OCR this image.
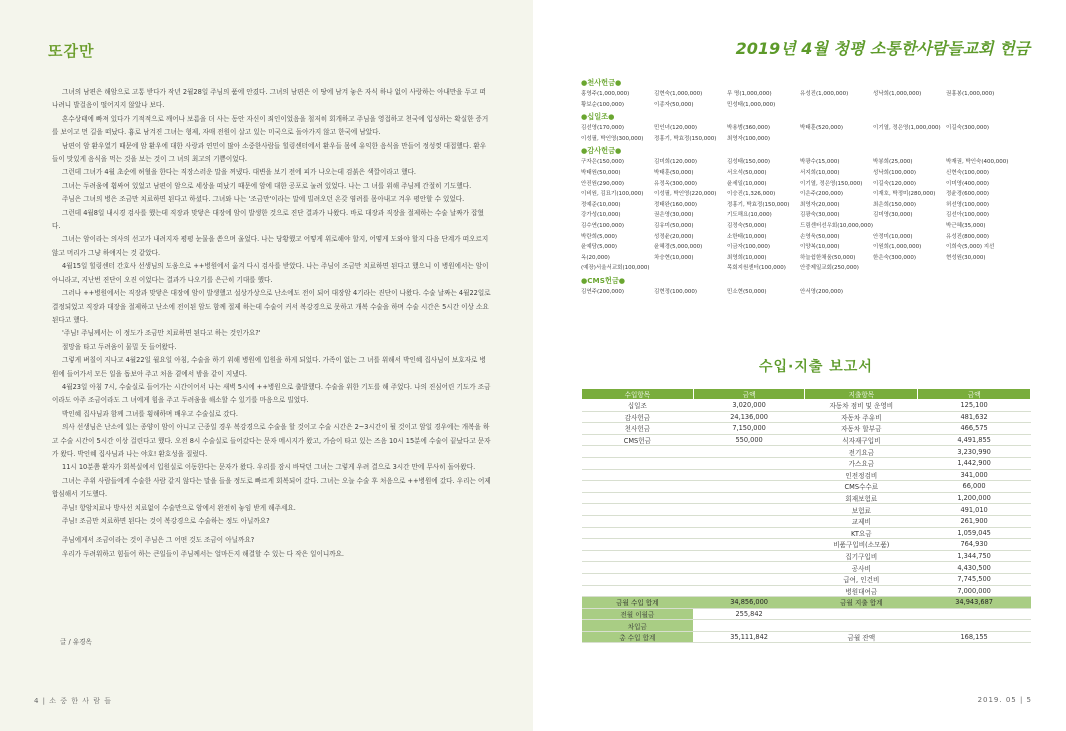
또감만

그녀의 남편은 해암으로 고통 받다가 작년 2월28일 주님의 품에 안겼다. 그녀의 남편은 이 땅에 남겨 놓은 자식 하나 없이 사랑하는 아내만을 두고 떠나려니 발걸음이 떨어지지 않았나 보다.

혼수상태에 빠져 있다가 기적적으로 깨어나 보름을 더 사는 동안 자신이 죄인이었음을 철저히 회개하고 주님을 영접하고 천국에 입성하는 확실한 증거를 보이고 먼 길을 떠났다. 흉로 남겨진 그녀는 형제, 자매 전원이 살고 있는 미국으로 돌아가지 않고 한국에 남았다.

남편이 암 환우였기 때문에 암 환우에 대한 사랑과 연민이 많아 소중한사람들 힐링센터에서 환우들 몸에 유익한 음식을 만들어 정성껏 대접했다. 환우들이 맛있게 음식을 먹는 것을 보는 것이 그 녀의 최고의 기쁨이었다.

그런데 그녀가 4월 초순에 허혈을 한다는 직장스러운 말을 꺼냈다. 대변을 보기 전에 피가 나오는데 검붉은 색깔이라고 했다.

그녀는 두려움에 휩싸여 있었고 남편이 암으로 세상을 떠났기 때문에 암에 대한 공포로 눌려 있었다. 나는 그 녀를 위해 주님께 간절히 기도했다.

주님은 그녀의 병은 조금만 치료하면 된다고 하셨다. 그녀와 나는 '조금만'이라는 말에 빌려오던 온갖 염려를 몸아내고 겨우 평안할 수 있었다.

그런데 4월8일 내시경 검사를 했는데 직장과 맞닿은 대장에 암이 발생한 것으로 진단 결과가 나왔다. 바로 대장과 직장을 절제하는 수술 날짜가 잡혔다.

그녀는 암이라는 의사의 선고가 내려지자 평평 눈물을 쏟으며 울었다. 나는 당황했고 어떻게 위로해야 할지, 어떻게 도와야 할지 다음 단계가 떠오르지 않고 머리가 그냥 하얘지는 것 같았다.

4월15일 힐링센터 간호사 선생님의 도움으로 ++병원에서 옮겨 다시 검사를 받았다. 나는 주님이 조금만 치료하면 된다고 했으니 이 병원에서는 암이 아니라고, 지난번 진단이 오진 이었다는 결과가 나오기를 은근히 기대를 했다.

그러나 ++병원에서는 직장과 맞닿은 대장에 암이 발생했고 설상가상으로 난소에도 전이 되어 대장암 4기라는 진단이 나왔다. 수술 날짜는 4월22일로 결정되었고 직장과 대장을 절제하고 난소에 전이된 암도 함께 절제 하는데 수술이 커서 복강경으로 못하고 개복 수술을 하며 수술 시간은 5시간 이상 소요 된다고 했다.

'주님! 주님께서는 이 정도가 조금만 치료하면 된다고 하는 것인가요?'

절망을 타고 두려움이 물밀 듯 들어왔다.

그렇게 벼칠이 지나고 4월22일 월요일 아침, 수술을 하기 위해 병원에 입원을 하게 되었다. 가족이 없는 그 녀를 위해서 박인혜 집사님이 보호자로 병원에 들어가서 모든 일을 돕보아 주고 처음 곁에서 밤을 같이 지냈다.

4월23일 아침 7시, 수술실로 들어가는 시간이어서 나는 새벽 5시에 ++병원으로 출발했다. 수술을 위한 기도를 해 주었다. 나의 진심어린 기도가 조금이라도 아주 조금이라도 그 녀에게 힘을 주고 두려움을 해소할 수 있기를 마음으로 빌었다.

박인혜 집사님과 함께 그녀를 횡해하며 배우고 수술실로 갔다.

의사 선생님은 난소에 있는 종양이 암이 아니고 근종일 경우 복강경으로 수술을 할 것이고 수술 시간은 2~3시간이 될 것이고 암일 경우에는 개복을 하고 수술 시간이 5시간 이상 걸린다고 했다. 오전 8시 수술실로 들어갔다는 문자 메시지가 왔고, 가슴이 타고 있는 즈음 10시 15분에 수술이 끝났다고 문자가 왔다. 박인혜 집사님과 나는 야호! 환호성을 질렀다.

11시 10분쯤 환자가 회복실에서 입원실로 이동한다는 문자가 왔다. 우리를 잠시 바닥던 그녀는 그렇게 우려 결으로 3시간 만에 무사히 돌아왔다.

그녀는 주위 사람들에게 수술한 사람 같지 않다는 말을 들을 정도로 빠르게 회복되어 갔다. 그녀는 오늘 수술 후 처음으로 ++병원에 갔다. 우리는 어제 합심해서 기도했다.

주님! 항암치료나 방사선 치료없이 수술만으로 암에서 완전히 놓임 받게 해주세요.

주님! 조금만 치료하면 된다는 것이 복강경으로 수술하는 정도 아닐까요?

주님에게서 조금이라는 것이 주님은 그 어떤 것도 조금이 아닐까요?

우리가 두려워하고 힘들어 하는 큰일들이 주님께서는 얼마든지 해결할 수 있는 다 작은 일이니까요.

글 / 유경옥
4 | 소 중 한 사 람 들
2019년 4월 청평 소통한사람들교회 헌금
●천사헌금●
홍영주(1,000,000)	김현숙(1,000,000)	무 명(1,000,000)	유성진(1,000,000)	성낙희(1,000,000)	권홍봉(1,000,000)
황보순(100,000)	이종자(50,000)	민성태(1,000,000)
●십일조●
김선영(170,000)	민인녀(120,000)	박용범(360,000)	박태훈(520,000)	이기열, 정은영(1,000,000) 이길숙(300,000)
이성필, 박인영(300,000)	정홍기, 박효정(150,000)	최영자(100,000)
●감사헌금●
구자은(150,000)	김미희(120,000)	김성태(150,000)	박광수(15,000)	박봉희(25,000)	박재권, 박인숙(400,000)
박태원(50,000)	박태훈(50,000)	서오석(50,000)	서지희(10,000)	성낙희(100,000)	신현숙(100,000)
안진원(290,000)	유정옥(300,000)	윤세일(10,000)	이기열, 정은영(150,000)	이길숙(120,000)	이미영(400,000)
이비원, 김묘기(100,000)	이성필, 박인영(220,000)	이승진(1,326,000)	이은주(200,000)	이재호, 박정미(280,000)	정윤경(600,000)
정예준(10,000)	정태완(160,000)	정홍기, 박효정(150,000)	최영자(20,000)	최은희(150,000)	허선영(100,000)
강가성(10,000)	권은영(30,000)	기도해요(10,000)	김광숙(30,000)	김미영(30,000)	김선아(100,000)
김수연(100,000)	김유미(50,000)	김정숙(50,000)	드림센터선우회(10,000,000)	박근혜(35,000)
박란희(5,000)	성정윤(20,000)	소한태(10,000)	손영욱(50,000)	안정미(10,000)	유성진(800,000)
윤예담(5,000)	윤혜경(5,000,000)	이금자(100,000)	이양복(10,000)	이원희(1,000,000)	이희숙(5,000) 지선
옥(20,000)	차승현(10,000)	최영희(10,000)	하늘쉼한채움(50,000)	한은숙(300,000)	현성원(30,000)
(예장)서울서교회(100,000)	목회지원센터(100,000)	안중제일교회(250,000)
●CMS헌금●
김연주(200,000)	김현정(100,000)	민소현(50,000)	안서영(200,000)
수입·지출 보고서
수입항목	금액	지출항목	금액
십일조	3,020,000	자동차 점비 및 운영비	125,100
감사헌금	24,136,000	자동차 주유비	481,632
천사헌금	7,150,000	자동차 할부금	466,575
CMS헌금	550,000	식자재구입비	4,491,855
		전기요금	3,230,990
		가스요금	1,442,900
		인전정검비	341,000
		CMS수수료	66,000
		회재보험료	1,200,000
		보험료	491,010
		교제비	261,900
		KT요금	1,059,045
		비품구입비(소모품)	764,930
		집기구입비	1,344,750
		공사비	4,430,500
		급여, 인건비	7,745,500
		병원대여금	7,000,000
금월 수입 합계	34,856,000	금월 지출 합계	34,943,687
전월 이월금	255,842		
차입금			
총 수입 합계	35,111,842	금월 잔액	168,155
2019. 05 | 5
